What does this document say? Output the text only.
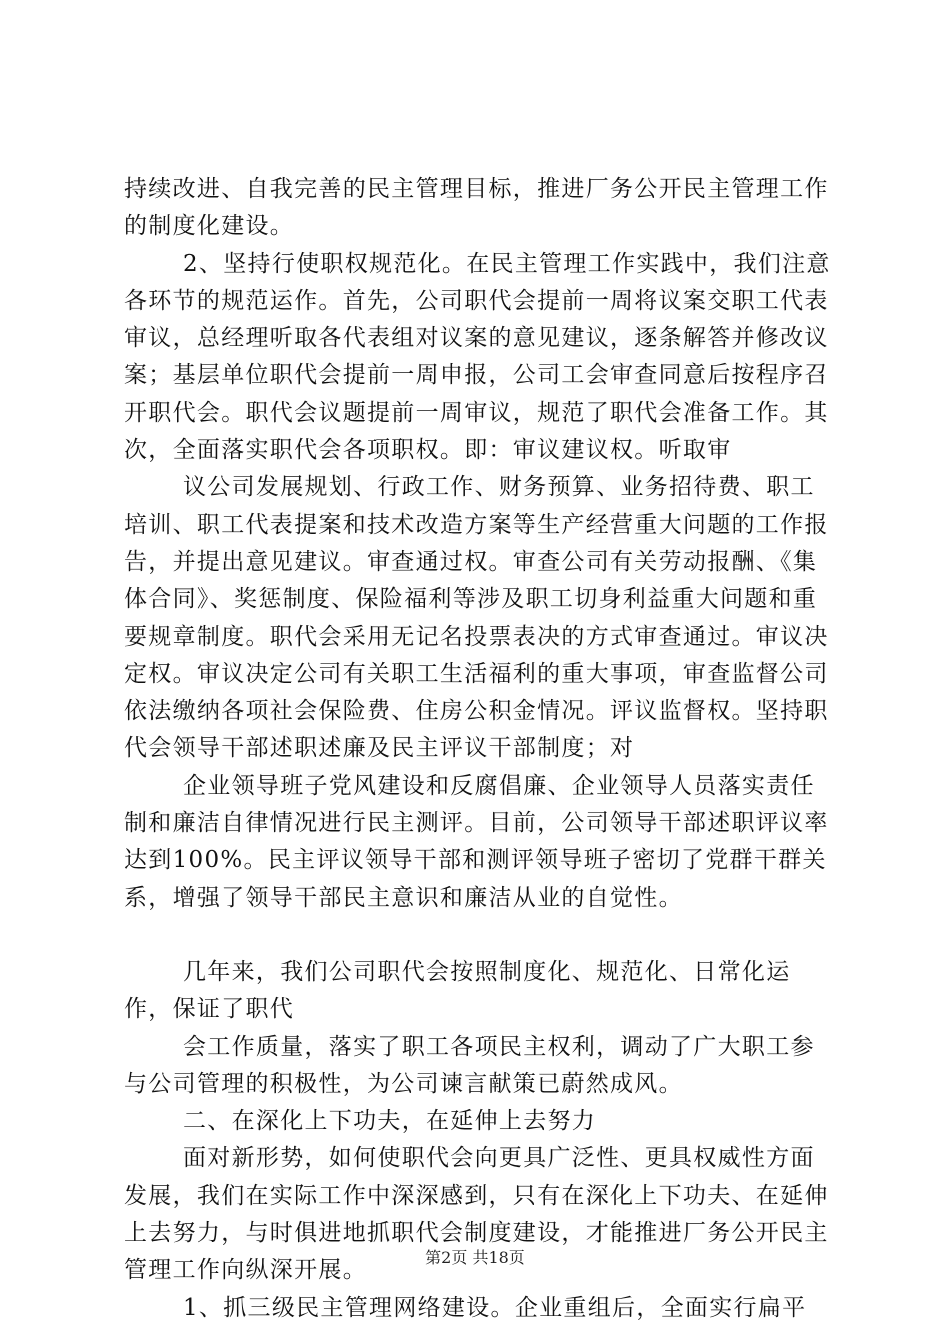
持续改进、自我完善的民主管理目标，推进厂务公开民主管理工作的制度化建设。

2、坚持行使职权规范化。在民主管理工作实践中，我们注意各环节的规范运作。首先，公司职代会提前一周将议案交职工代表审议，总经理听取各代表组对议案的意见建议，逐条解答并修改议案；基层单位职代会提前一周申报，公司工会审查同意后按程序召开职代会。职代会议题提前一周审议，规范了职代会准备工作。其次，全面落实职代会各项职权。即：审议建议权。听取审

议公司发展规划、行政工作、财务预算、业务招待费、职工培训、职工代表提案和技术改造方案等生产经营重大问题的工作报告，并提出意见建议。审查通过权。审查公司有关劳动报酬、《集体合同》、奖惩制度、保险福利等涉及职工切身利益重大问题和重要规章制度。职代会采用无记名投票表决的方式审查通过。审议决定权。审议决定公司有关职工生活福利的重大事项，审查监督公司依法缴纳各项社会保险费、住房公积金情况。评议监督权。坚持职代会领导干部述职述廉及民主评议干部制度；对

企业领导班子党风建设和反腐倡廉、企业领导人员落实责任制和廉洁自律情况进行民主测评。目前，公司领导干部述职评议率达到100%。民主评议领导干部和测评领导班子密切了党群干群关系，增强了领导干部民主意识和廉洁从业的自觉性。

几年来，我们公司职代会按照制度化、规范化、日常化运作，保证了职代

会工作质量，落实了职工各项民主权利，调动了广大职工参与公司管理的积极性，为公司谏言献策已蔚然成风。

二、在深化上下功夫，在延伸上去努力

面对新形势，如何使职代会向更具广泛性、更具权威性方面发展，我们在实际工作中深深感到，只有在深化上下功夫、在延伸上去努力，与时俱进地抓职代会制度建设，才能推进厂务公开民主管理工作向纵深开展。

1、抓三级民主管理网络建设。企业重组后，全面实行扁平

第2页 共18页
